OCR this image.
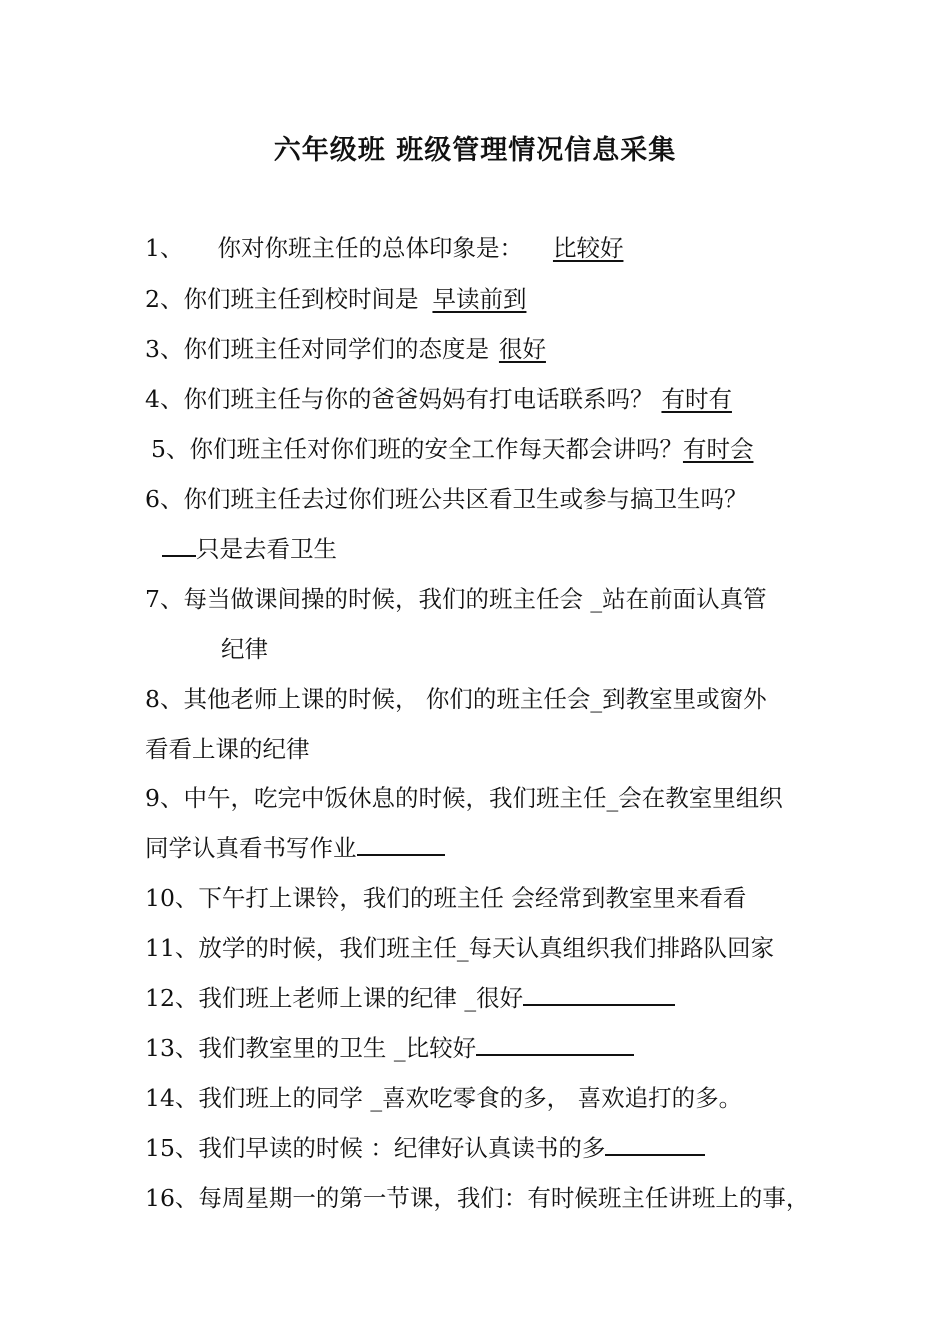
六年级班 班级管理情况信息采集
1、 你对你班主任的总体印象是： 比较好
2、你们班主任到校时间是 早读前到
3、你们班主任对同学们的态度是 很好
4、你们班主任与你的爸爸妈妈有打电话联系吗？ 有时有
5、你们班主任对你们班的安全工作每天都会讲吗？有时会
6、你们班主任去过你们班公共区看卫生或参与搞卫生吗？
只是去看卫生
7、每当做课间操的时候，我们的班主任会 _站在前面认真管
纪律
8、其他老师上课的时候， 你们的班主任会_到教室里或窗外
看看上课的纪律
9、中午，吃完中饭休息的时候，我们班主任_会在教室里组织
同学认真看书写作业
10、下午打上课铃，我们的班主任 会经常到教室里来看看
11、放学的时候，我们班主任_每天认真组织我们排路队回家
12、我们班上老师上课的纪律 _很好
13、我们教室里的卫生 _比较好
14、我们班上的同学 _喜欢吃零食的多， 喜欢追打的多。
15、我们早读的时候 ：纪律好认真读书的多
16、每周星期一的第一节课，我们：有时候班主任讲班上的事，
